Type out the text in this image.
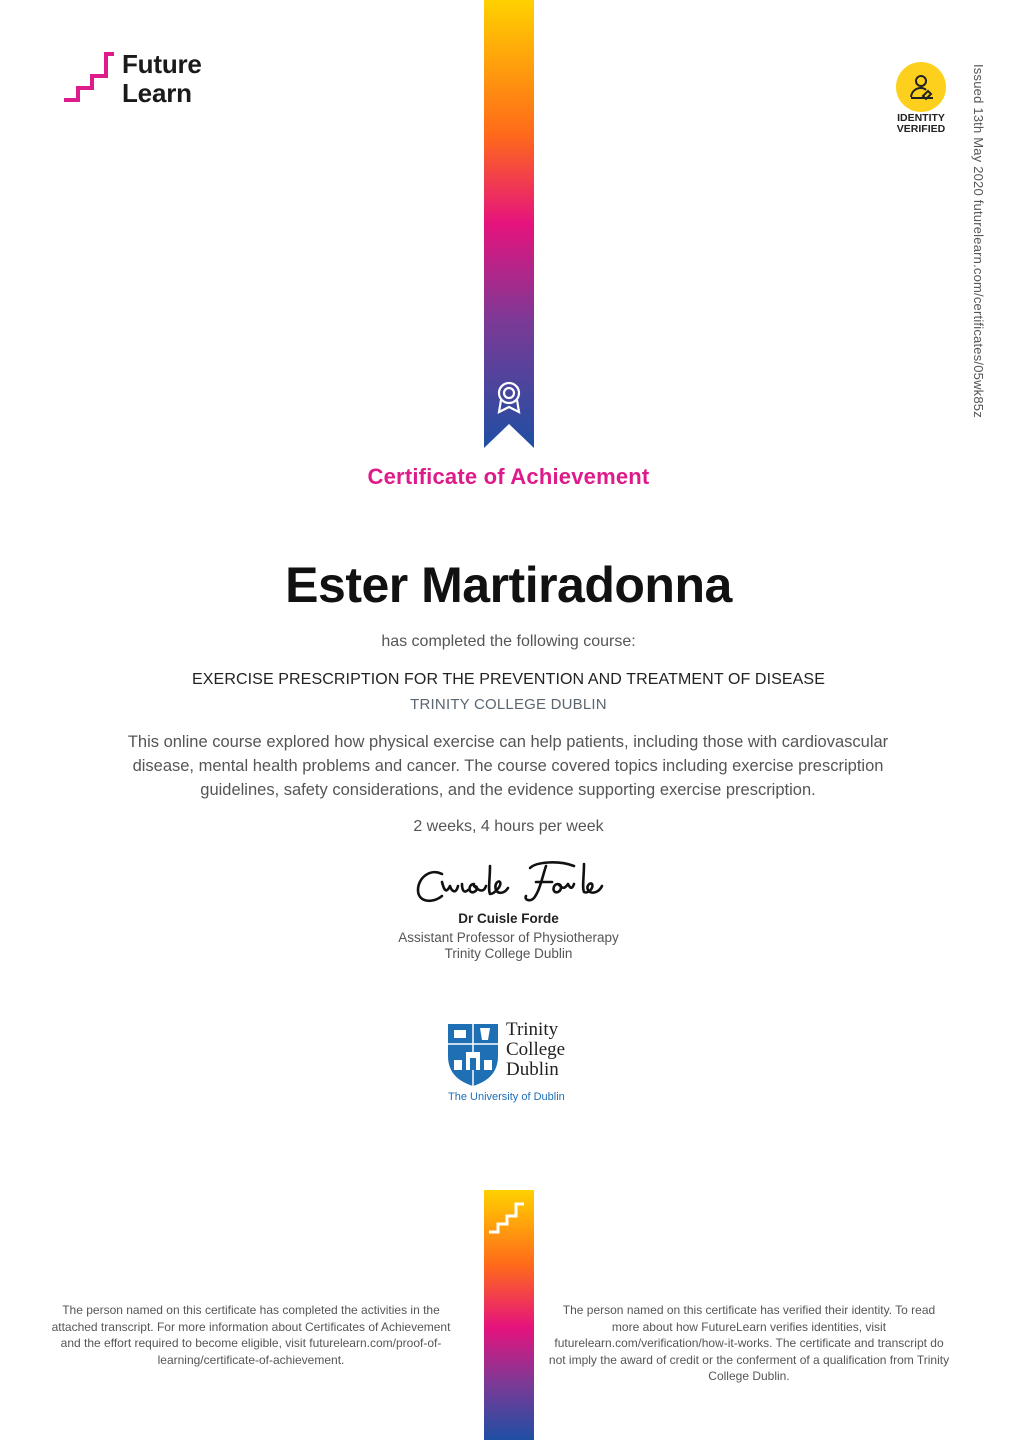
Future
Learn
IDENTITY
VERIFIED	Issued 13th May 2020 futurelearn.com/certificates/05wk85z
Certificate of Achievement
Ester Martiradonna
has completed the following course:
EXERCISE PRESCRIPTION FOR THE PREVENTION AND TREATMENT OF DISEASE
TRINITY COLLEGE DUBLIN
This online course explored how physical exercise can help patients, including those with cardiovascular disease, mental health problems and cancer. The course covered topics including exercise prescription guidelines, safety considerations, and the evidence supporting exercise prescription.
2 weeks, 4 hours per week
Dr Cuisle Forde
Assistant Professor of Physiotherapy
Trinity College Dublin
Trinity
College
Dublin
The University of Dublin
The person named on this certificate has completed the activities in the attached transcript. For more information about Certificates of Achievement and the effort required to become eligible, visit futurelearn.com/proof-of-learning/certificate-of-achievement.
The person named on this certificate has verified their identity. To read more about how FutureLearn verifies identities, visit futurelearn.com/verification/how-it-works. The certificate and transcript do not imply the award of credit or the conferment of a qualification from Trinity College Dublin.
